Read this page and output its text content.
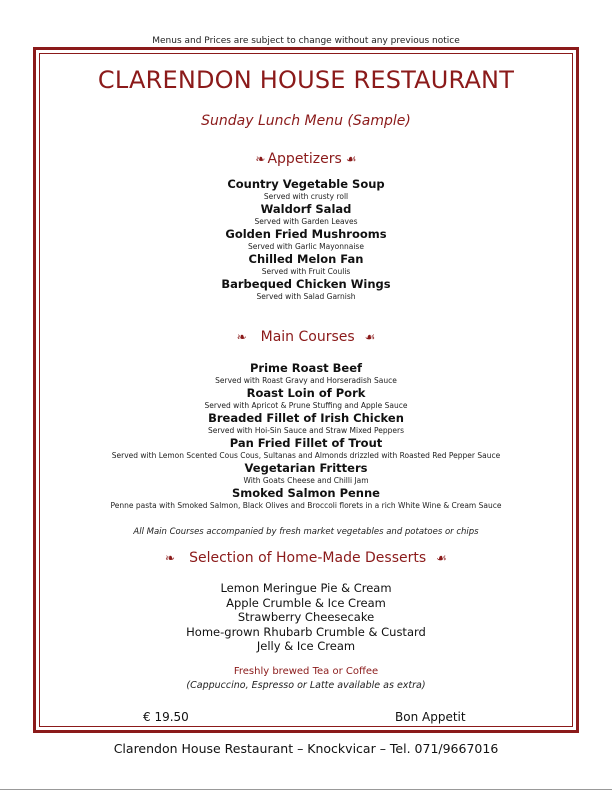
Menus and Prices are subject to change without any previous notice
CLARENDON HOUSE RESTAURANT
Sunday Lunch Menu (Sample)
❧ Appetizers ☙
Country Vegetable Soup
Served with crusty roll
Waldorf Salad
Served with Garden Leaves
Golden Fried Mushrooms
Served with Garlic Mayonnaise
Chilled Melon Fan
Served with Fruit Coulis
Barbequed Chicken Wings
Served with Salad Garnish
❧ Main Courses ☙
Prime Roast Beef
Served with Roast Gravy and Horseradish Sauce
Roast Loin of Pork
Served with Apricot & Prune Stuffing and Apple Sauce
Breaded Fillet of Irish Chicken
Served with Hoi-Sin Sauce and Straw Mixed Peppers
Pan Fried Fillet of Trout
Served with Lemon Scented Cous Cous, Sultanas and Almonds drizzled with Roasted Red Pepper Sauce
Vegetarian Fritters
With Goats Cheese and Chilli Jam
Smoked Salmon Penne
Penne pasta with Smoked Salmon, Black Olives and Broccoli florets in a rich White Wine & Cream Sauce
All Main Courses accompanied by fresh market vegetables and potatoes or chips
❧ Selection of Home-Made Desserts ☙
Lemon Meringue Pie & Cream
Apple Crumble & Ice Cream
Strawberry Cheesecake
Home-grown Rhubarb Crumble & Custard
Jelly & Ice Cream
Freshly brewed Tea or Coffee
(Cappuccino, Espresso or Latte available as extra)
€ 19.50	Bon Appetit
Clarendon House Restaurant – Knockvicar – Tel. 071/9667016
